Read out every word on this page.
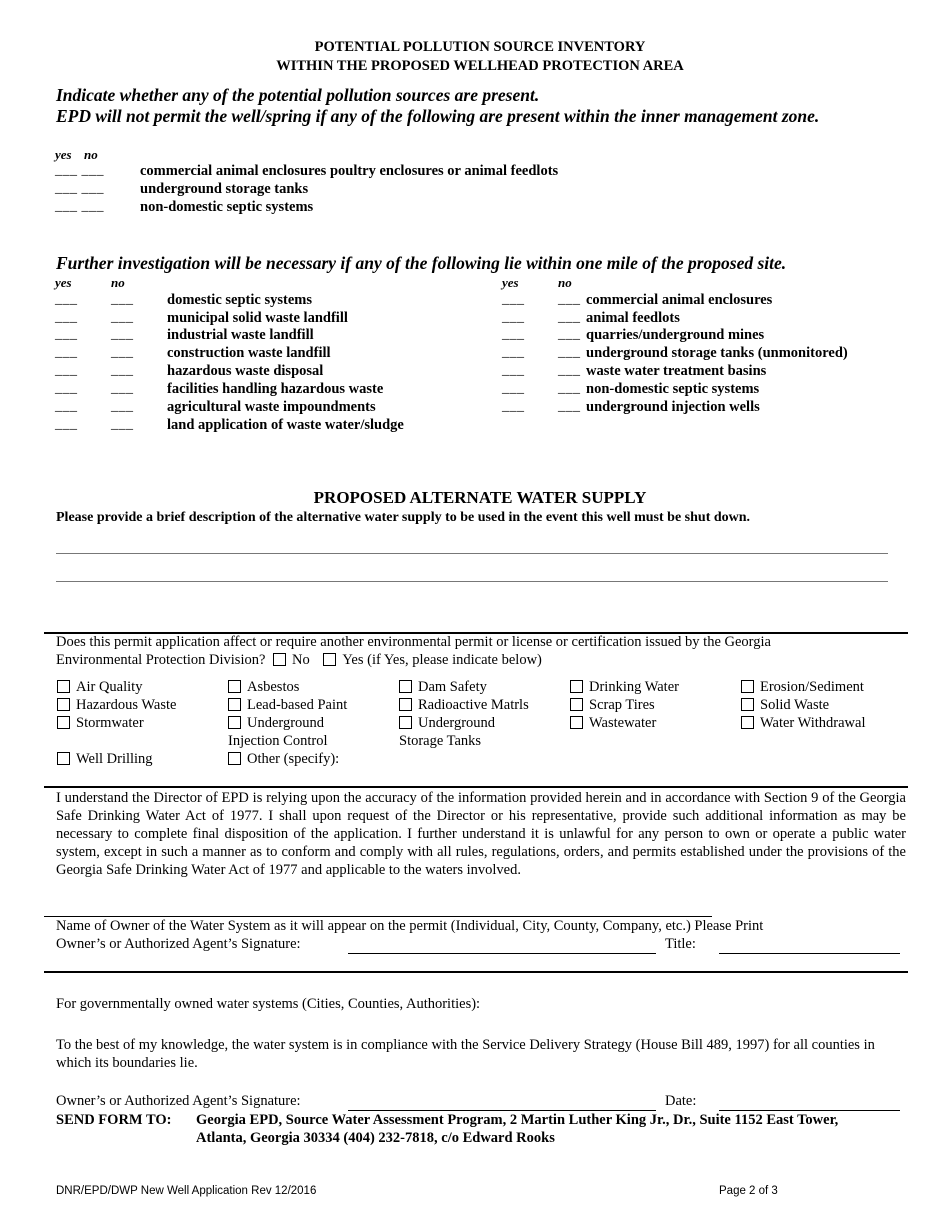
POTENTIAL POLLUTION SOURCE INVENTORY
WITHIN THE PROPOSED WELLHEAD PROTECTION AREA
Indicate whether any of the potential pollution sources are present.
EPD will not permit the well/spring if any of the following are present within the inner management zone.
yes no
___ ___ commercial animal enclosures poultry enclosures or animal feedlots
___ ___ underground storage tanks
___ ___ non-domestic septic systems
Further investigation will be necessary if any of the following lie within one mile of the proposed site.
yes	no	yes	no
___ ___ domestic septic systems
___ ___ municipal solid waste landfill
___ ___ industrial waste landfill
___ ___ construction waste landfill
___ ___ hazardous waste disposal
___ ___ facilities handling hazardous waste
___ ___ agricultural waste impoundments
___ ___ land application of waste water/sludge
___ ___ commercial animal enclosures
___ ___ animal feedlots
___ ___ quarries/underground mines
___ ___ underground storage tanks (unmonitored)
___ ___ waste water treatment basins
___ ___ non-domestic septic systems
___ ___ underground injection wells
PROPOSED ALTERNATE WATER SUPPLY
Please provide a brief description of the alternative water supply to be used in the event this well must be shut down.
Does this permit application affect or require another environmental permit or license or certification issued by the Georgia
Environmental Protection Division? No Yes (if Yes, please indicate below)
Air Quality
Hazardous Waste
Stormwater
Asbestos
Lead-based Paint
Underground
Injection Control
Dam Safety
Radioactive Matrls
Underground
Storage Tanks
Drinking Water
Scrap Tires
Wastewater
Erosion/Sediment
Solid Waste
Water Withdrawal
Well Drilling	Other (specify):
I understand the Director of EPD is relying upon the accuracy of the information provided herein and in accordance with Section 9 of the Georgia Safe Drinking Water Act of 1977. I shall upon request of the Director or his representative, provide such additional information as may be necessary to complete final disposition of the application. I further understand it is unlawful for any person to own or operate a public water system, except in such a manner as to conform and comply with all rules, regulations, orders, and permits established under the provisions of the Georgia Safe Drinking Water Act of 1977 and applicable to the waters involved.
Name of Owner of the Water System as it will appear on the permit (Individual, City, County, Company, etc.) Please Print
Owner’s or Authorized Agent’s Signature:	Title:
For governmentally owned water systems (Cities, Counties, Authorities):
To the best of my knowledge, the water system is in compliance with the Service Delivery Strategy (House Bill 489, 1997) for all counties in which its boundaries lie.
Owner’s or Authorized Agent’s Signature:	Date:
SEND FORM TO: Georgia EPD, Source Water Assessment Program, 2 Martin Luther King Jr., Dr., Suite 1152 East Tower,
Atlanta, Georgia 30334 (404) 232-7818, c/o Edward Rooks
DNR/EPD/DWP New Well Application Rev 12/2016	Page 2 of 3
